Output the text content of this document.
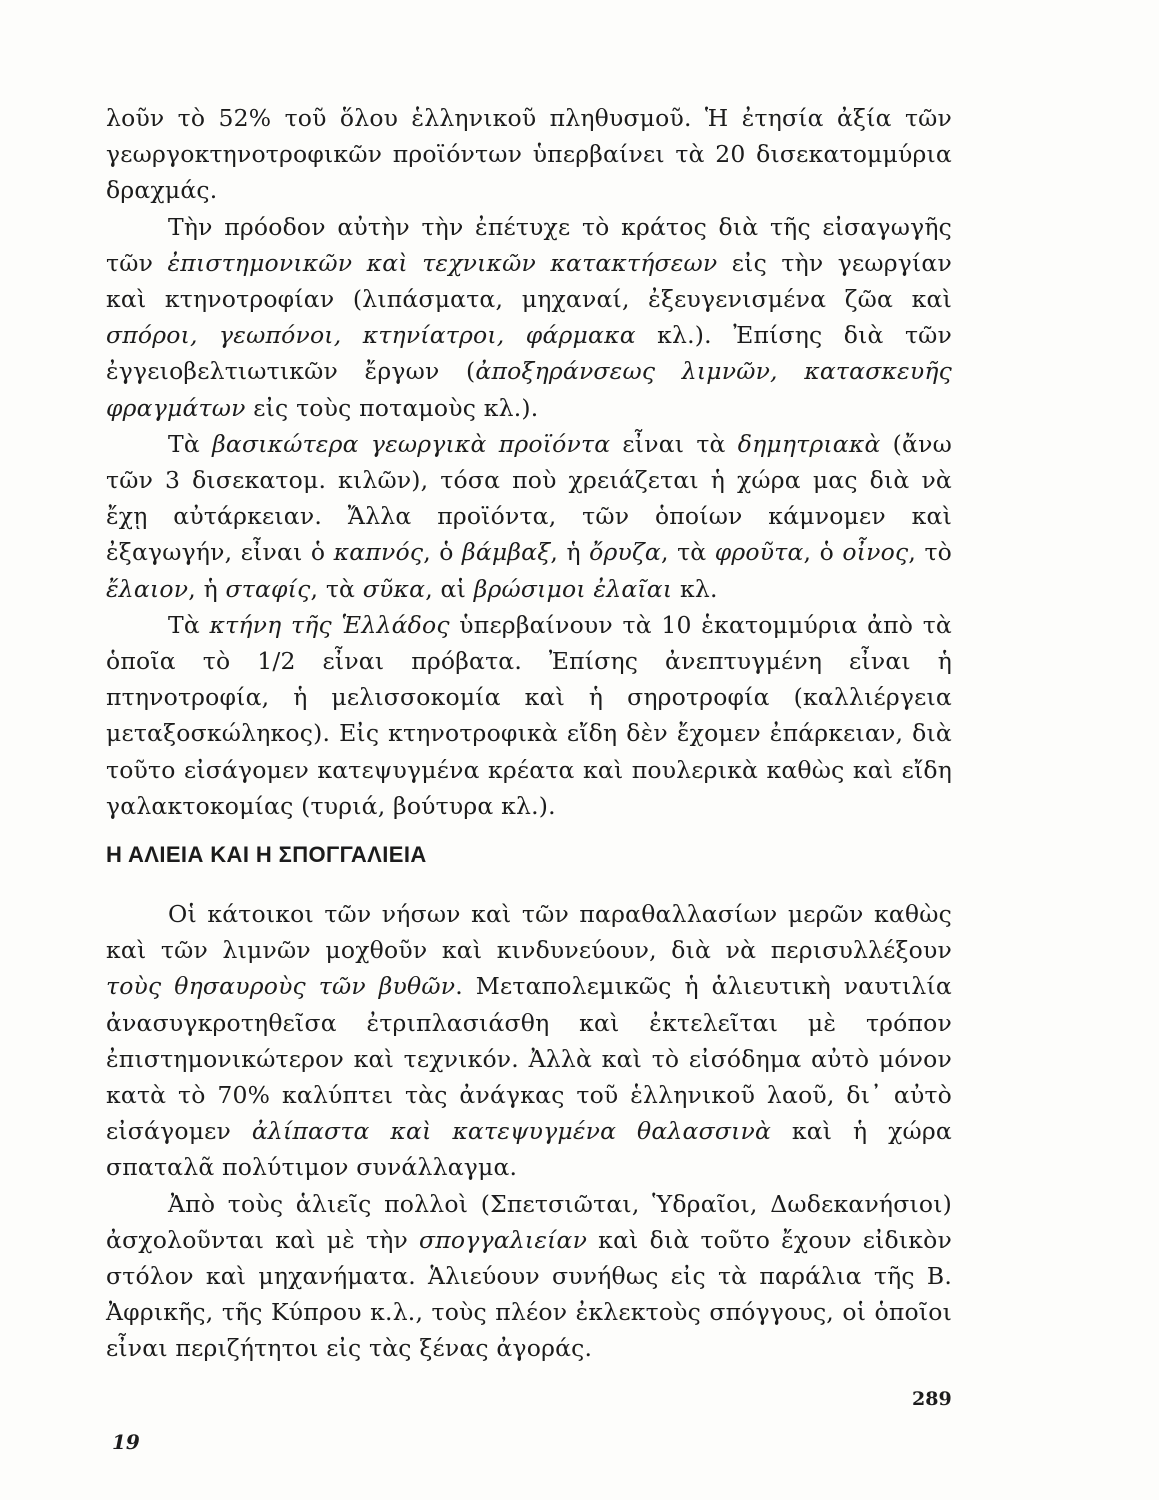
λοῦν τὸ 52% τοῦ ὅλου ἑλληνικοῦ πληθυσμοῦ. Ἡ ἐτησία ἀξία τῶν γεωργοκτηνοτροφικῶν προϊόντων ὑπερβαίνει τὰ 20 δισεκατομμύρια δραχμάς.

Τὴν πρόοδον αὐτὴν τὴν ἐπέτυχε τὸ κράτος διὰ τῆς εἰσαγωγῆς τῶν ἐπιστημονικῶν καὶ τεχνικῶν κατακτήσεων εἰς τὴν γεωργίαν καὶ κτηνοτροφίαν (λιπάσματα, μηχαναί, ἐξευγενισμένα ζῶα καὶ σπόροι, γεωπόνοι, κτηνίατροι, φάρμακα κλ.). Ἐπίσης διὰ τῶν ἐγγειοβελτιωτικῶν ἔργων (ἀποξηράνσεως λιμνῶν, κατασκευῆς φραγμάτων εἰς τοὺς ποταμοὺς κλ.).

Τὰ βασικώτερα γεωργικὰ προϊόντα εἶναι τὰ δημητριακὰ (ἄνω τῶν 3 δισεκατομ. κιλῶν), τόσα ποὺ χρειάζεται ἡ χώρα μας διὰ νὰ ἔχῃ αὐτάρκειαν. Ἄλλα προϊόντα, τῶν ὁποίων κάμνομεν καὶ ἐξαγωγήν, εἶναι ὁ καπνός, ὁ βάμβαξ, ἡ ὄρυζα, τὰ φροῦτα, ὁ οἶνος, τὸ ἔλαιον, ἡ σταφίς, τὰ σῦκα, αἱ βρώσιμοι ἐλαῖαι κλ.

Τὰ κτήνη τῆς Ἑλλάδος ὑπερβαίνουν τὰ 10 ἑκατομμύρια ἀπὸ τὰ ὁποῖα τὸ 1/2 εἶναι πρόβατα. Ἐπίσης ἀνεπτυγμένη εἶναι ἡ πτηνοτροφία, ἡ μελισσοκομία καὶ ἡ σηροτροφία (καλλιέργεια μεταξοσκώληκος). Εἰς κτηνοτροφικὰ εἴδη δὲν ἔχομεν ἐπάρκειαν, διὰ τοῦτο εἰσάγομεν κατεψυγμένα κρέατα καὶ πουλερικὰ καθὼς καὶ εἴδη γαλακτοκομίας (τυριά, βούτυρα κλ.).

Η ΑΛΙΕΙΑ ΚΑΙ Η ΣΠΟΓΓΑΛΙΕΙΑ

Οἱ κάτοικοι τῶν νήσων καὶ τῶν παραθαλλασίων μερῶν καθὼς καὶ τῶν λιμνῶν μοχθοῦν καὶ κινδυνεύουν, διὰ νὰ περισυλλέξουν τοὺς θησαυροὺς τῶν βυθῶν. Μεταπολεμικῶς ἡ ἁλιευτικὴ ναυτιλία ἀνασυγκροτηθεῖσα ἐτριπλασιάσθη καὶ ἐκτελεῖται μὲ τρόπον ἐπιστημονικώτερον καὶ τεχνικόν. Ἀλλὰ καὶ τὸ εἰσόδημα αὐτὸ μόνον κατὰ τὸ 70% καλύπτει τὰς ἀνάγκας τοῦ ἑλληνικοῦ λαοῦ, δι᾽ αὐτὸ εἰσάγομεν ἀλίπαστα καὶ κατεψυγμένα θαλασσινὰ καὶ ἡ χώρα σπαταλᾶ πολύτιμον συνάλλαγμα.

Ἀπὸ τοὺς ἁλιεῖς πολλοὶ (Σπετσιῶται, Ὑδραῖοι, Δωδεκανήσιοι) ἀσχολοῦνται καὶ μὲ τὴν σπογγαλιείαν καὶ διὰ τοῦτο ἔχουν εἰδικὸν στόλον καὶ μηχανήματα. Ἁλιεύουν συνήθως εἰς τὰ παράλια τῆς Β. Ἀφρικῆς, τῆς Κύπρου κ.λ., τοὺς πλέον ἐκλεκτοὺς σπόγγους, οἱ ὁποῖοι εἶναι περιζήτητοι εἰς τὰς ξένας ἀγοράς.

289
19
